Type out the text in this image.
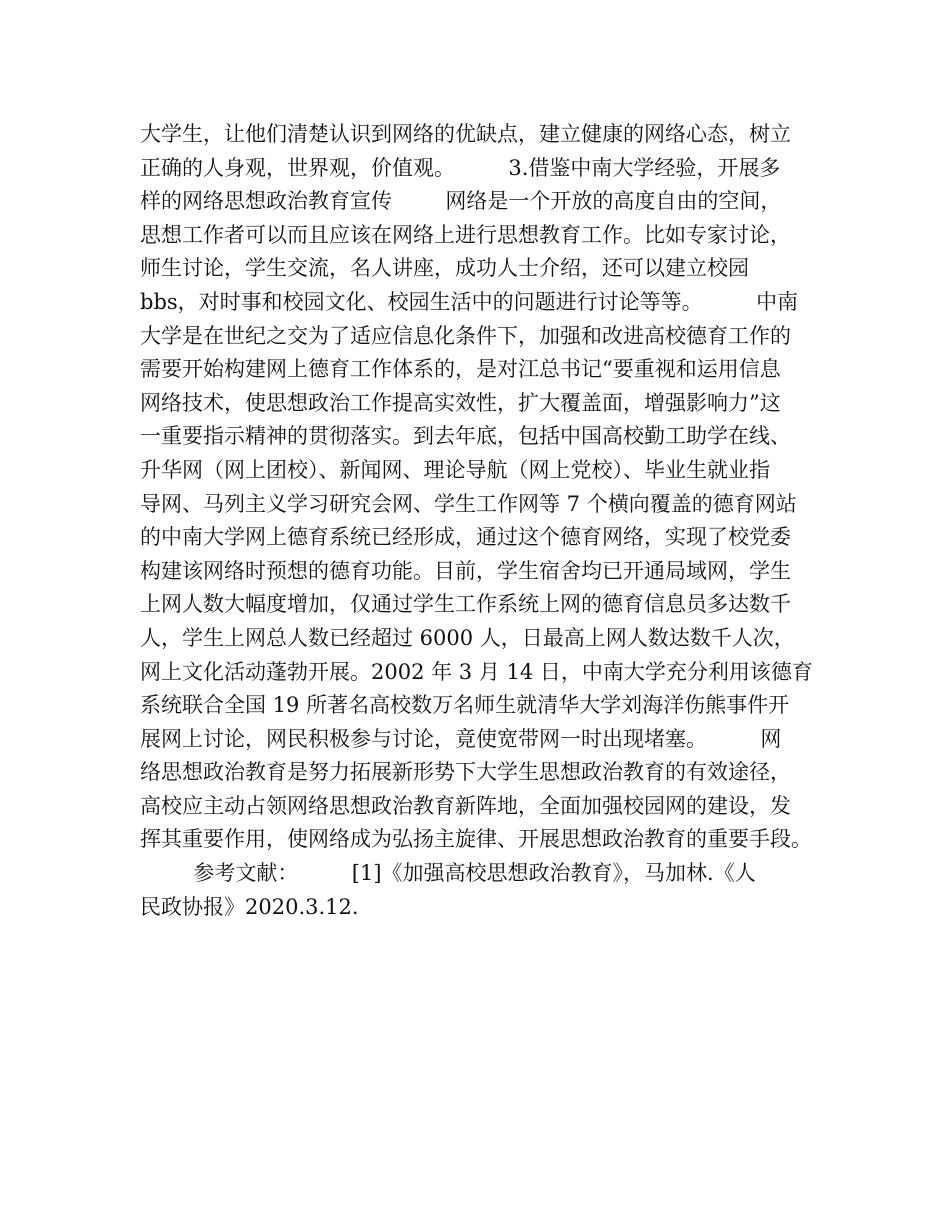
大学生，让他们清楚认识到网络的优缺点，建立健康的网络心态，树立
正确的人身观，世界观，价值观。        3.借鉴中南大学经验，开展多
样的网络思想政治教育宣传        网络是一个开放的高度自由的空间，
思想工作者可以而且应该在网络上进行思想教育工作。比如专家讨论，
师生讨论，学生交流，名人讲座，成功人士介绍，还可以建立校园
bbs，对时事和校园文化、校园生活中的问题进行讨论等等。        中南
大学是在世纪之交为了适应信息化条件下，加强和改进高校德育工作的
需要开始构建网上德育工作体系的，是对江总书记“要重视和运用信息
网络技术，使思想政治工作提高实效性，扩大覆盖面，增强影响力”这
一重要指示精神的贯彻落实。到去年底，包括中国高校勤工助学在线、
升华网（网上团校）、新闻网、理论导航（网上党校）、毕业生就业指
导网、马列主义学习研究会网、学生工作网等 7 个横向覆盖的德育网站
的中南大学网上德育系统已经形成，通过这个德育网络，实现了校党委
构建该网络时预想的德育功能。目前，学生宿舍均已开通局域网，学生
上网人数大幅度增加，仅通过学生工作系统上网的德育信息员多达数千
人，学生上网总人数已经超过 6000 人，日最高上网人数达数千人次，
网上文化活动蓬勃开展。2002 年 3 月 14 日，中南大学充分利用该德育
系统联合全国 19 所著名高校数万名师生就清华大学刘海洋伤熊事件开
展网上讨论，网民积极参与讨论，竟使宽带网一时出现堵塞。        网
络思想政治教育是努力拓展新形势下大学生思想政治教育的有效途径，
高校应主动占领网络思想政治教育新阵地，全面加强校园网的建设，发
挥其重要作用，使网络成为弘扬主旋律、开展思想政治教育的重要手段。
参考文献：        [1]《加强高校思想政治教育》，马加林.《人
民政协报》2020.3.12.
